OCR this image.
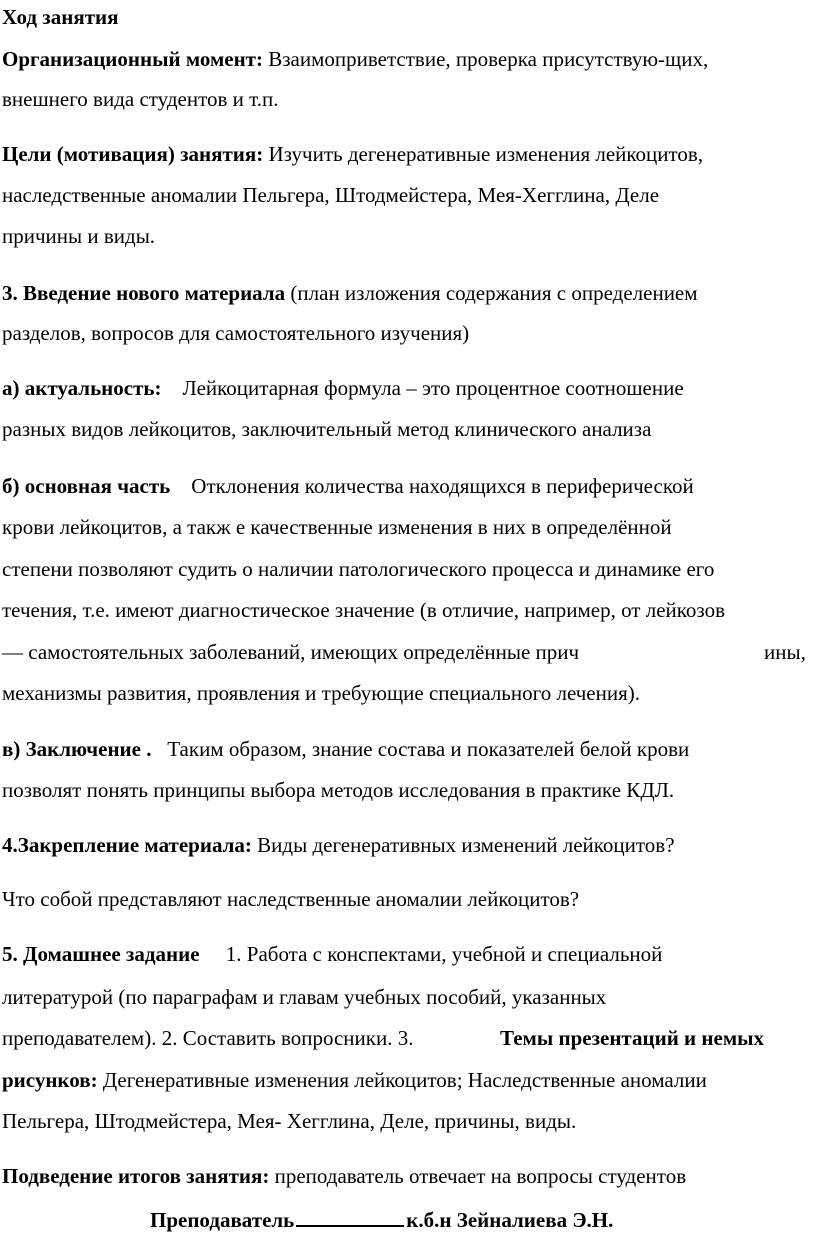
Ход занятия
Организационный момент: Взаимоприветствие, проверка присутствую-щих,
внешнего вида студентов и т.п.
Цели (мотивация) занятия: Изучить дегенеративные изменения лейкоцитов,
наследственные аномалии Пельгера, Штодмейстера, Мея-Хегглина, Деле
причины и виды.
3. Введение нового материала (план изложения содержания с определением
разделов, вопросов для самостоятельного изучения)
а) актуальность: Лейкоцитарная формула – это процентное соотношение
разных видов лейкоцитов, заключительный метод клинического анализа
б) основная часть Отклонения количества находящихся в периферической
крови лейкоцитов, а такж е качественные изменения в них в определённой
степени позволяют судить о наличии патологического процесса и динамике его
течения, т.е. имеют диагностическое значение (в отличие, например, от лейкозов
— самостоятельных заболеваний, имеющих определённые прич	ины,
механизмы развития, проявления и требующие специального лечения).
в) Заключение . Таким образом, знание состава и показателей белой крови
позволят понять принципы выбора методов исследования в практике КДЛ.
4.Закрепление материала: Виды дегенеративных изменений лейкоцитов?
Что собой представляют наследственные аномалии лейкоцитов?
5. Домашнее задание 1. Работа с конспектами, учебной и специальной
литературой (по параграфам и главам учебных пособий, указанных
преподавателем). 2. Составить вопросники. 3.	Темы презентаций и немых
рисунков: Дегенеративные изменения лейкоцитов; Наследственные аномалии
Пельгера, Штодмейстера, Мея- Хегглина, Деле, причины, виды.
Подведение итогов занятия: преподаватель отвечает на вопросы студентов
Преподаватель	к.б.н Зейналиева Э.Н.
